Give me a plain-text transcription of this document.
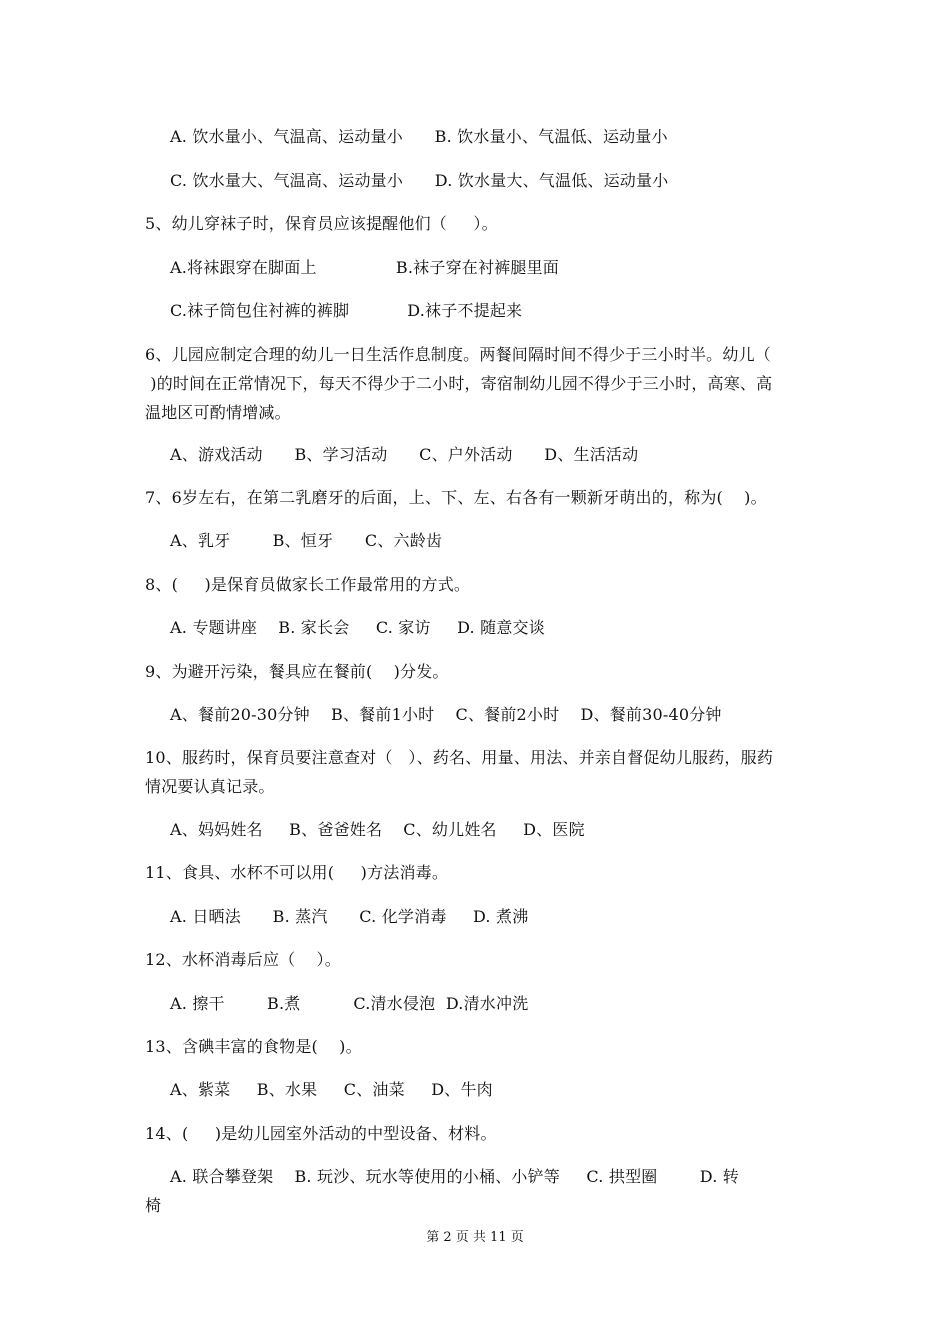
A. 饮水量小、气温高、运动量小      B. 饮水量小、气温低、运动量小
C. 饮水量大、气温高、运动量小      D. 饮水量大、气温低、运动量小
5、幼儿穿袜子时，保育员应该提醒他们（     ）。
A.将袜跟穿在脚面上               B.袜子穿在衬裤腿里面
C.袜子筒包住衬裤的裤脚           D.袜子不提起来
6、儿园应制定合理的幼儿一日生活作息制度。两餐间隔时间不得少于三小时半。幼儿（
)的时间在正常情况下，每天不得少于二小时，寄宿制幼儿园不得少于三小时，高寒、高
温地区可酌情增减。
A、游戏活动      B、学习活动      C、户外活动      D、生活活动
7、6岁左右，在第二乳磨牙的后面，上、下、左、右各有一颗新牙萌出的，称为(    )。
A、乳牙        B、恒牙      C、六龄齿
8、(     )是保育员做家长工作最常用的方式。
A. 专题讲座    B. 家长会     C. 家访     D. 随意交谈
9、为避开污染，餐具应在餐前(    )分发。
A、餐前20-30分钟    B、餐前1小时    C、餐前2小时    D、餐前30-40分钟
10、服药时，保育员要注意查对（   ）、药名、用量、用法、并亲自督促幼儿服药，服药
情况要认真记录。
A、妈妈姓名     B、爸爸姓名    C、幼儿姓名     D、医院
11、食具、水杯不可以用(     )方法消毒。
A. 日晒法      B. 蒸汽      C. 化学消毒     D. 煮沸
12、水杯消毒后应（    ）。
A. 擦干        B.煮          C.清水侵泡  D.清水冲洗
13、含碘丰富的食物是(    )。
A、紫菜     B、水果     C、油菜     D、牛肉
14、(     )是幼儿园室外活动的中型设备、材料。
A. 联合攀登架    B. 玩沙、玩水等使用的小桶、小铲等     C. 拱型圈        D. 转
椅
第 2 页 共 11 页
